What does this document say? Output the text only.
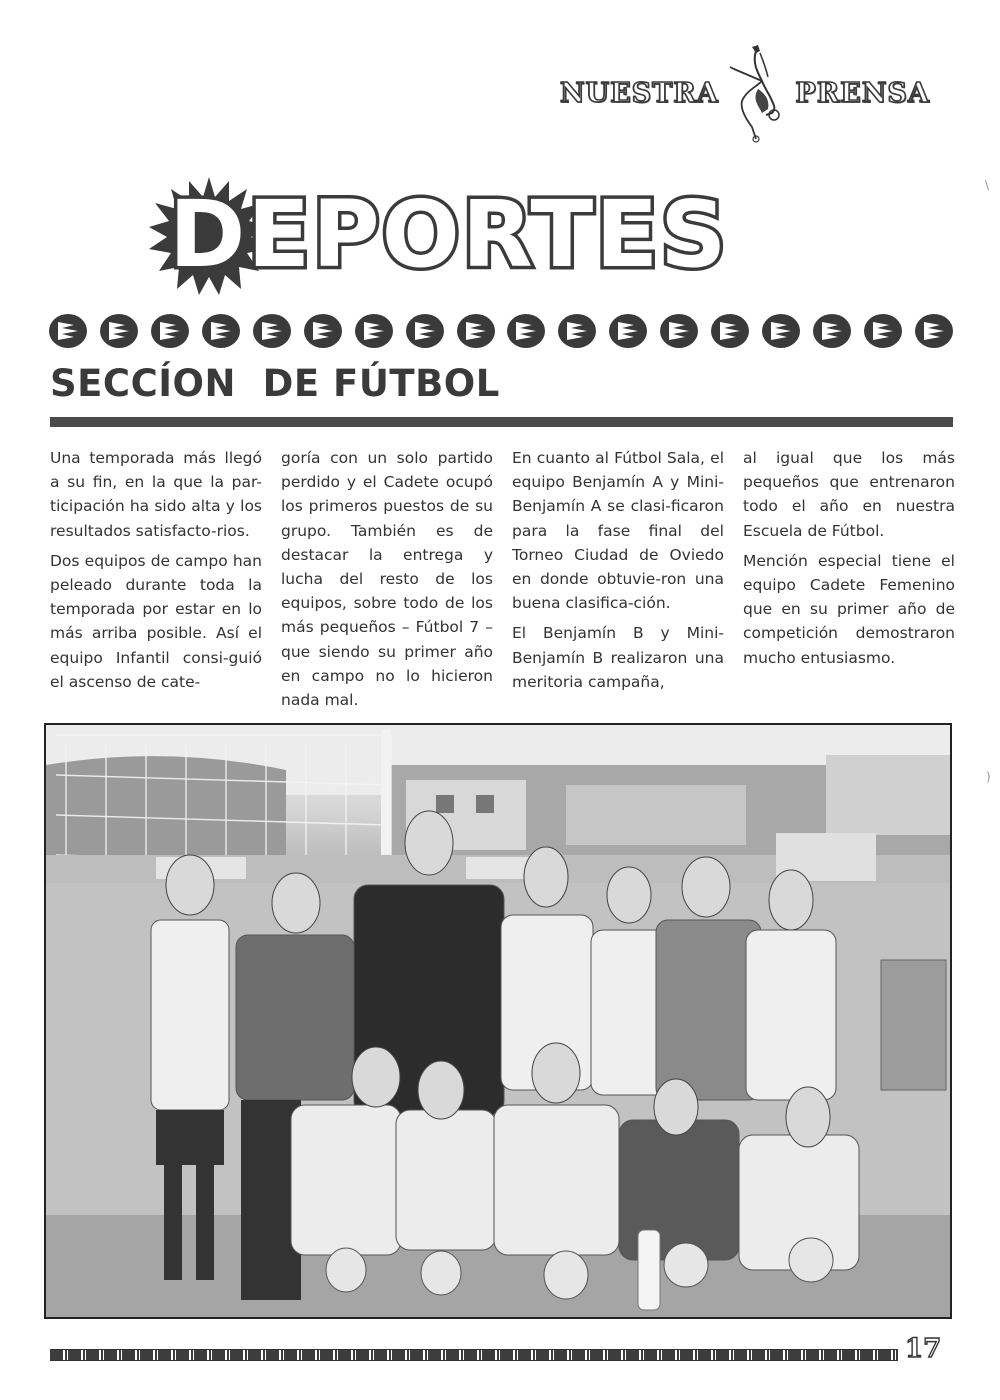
NUESTRA	PRENSA
DEPORTES
SECCÍON  DE FÚTBOL

Una temporada más llegó a su fin, en la que la par-ticipación ha sido alta y los resultados satisfacto-rios.

Dos equipos de campo han peleado durante toda la temporada por estar en lo más arriba posible. Así el equipo Infantil consi-guió el ascenso de cate-

goría con un solo partido perdido y el Cadete ocupó los primeros puestos de su grupo. También es de destacar la entrega y lucha del resto de los equipos, sobre todo de los más pequeños – Fútbol 7 – que siendo su primer año en campo no lo hicieron nada mal.

En cuanto al Fútbol Sala, el equipo Benjamín A y Mini-Benjamín A se clasi-ficaron para la fase final del Torneo Ciudad de Oviedo en donde obtuvie-ron una buena clasifica-ción.

El Benjamín B y Mini-Benjamín B realizaron una meritoria campaña,

al igual que los más pequeños que entrenaron todo el año en nuestra Escuela de Fútbol.

Mención especial tiene el equipo Cadete Femenino que en su primer año de competición demostraron mucho entusiasmo.

17
\
)
